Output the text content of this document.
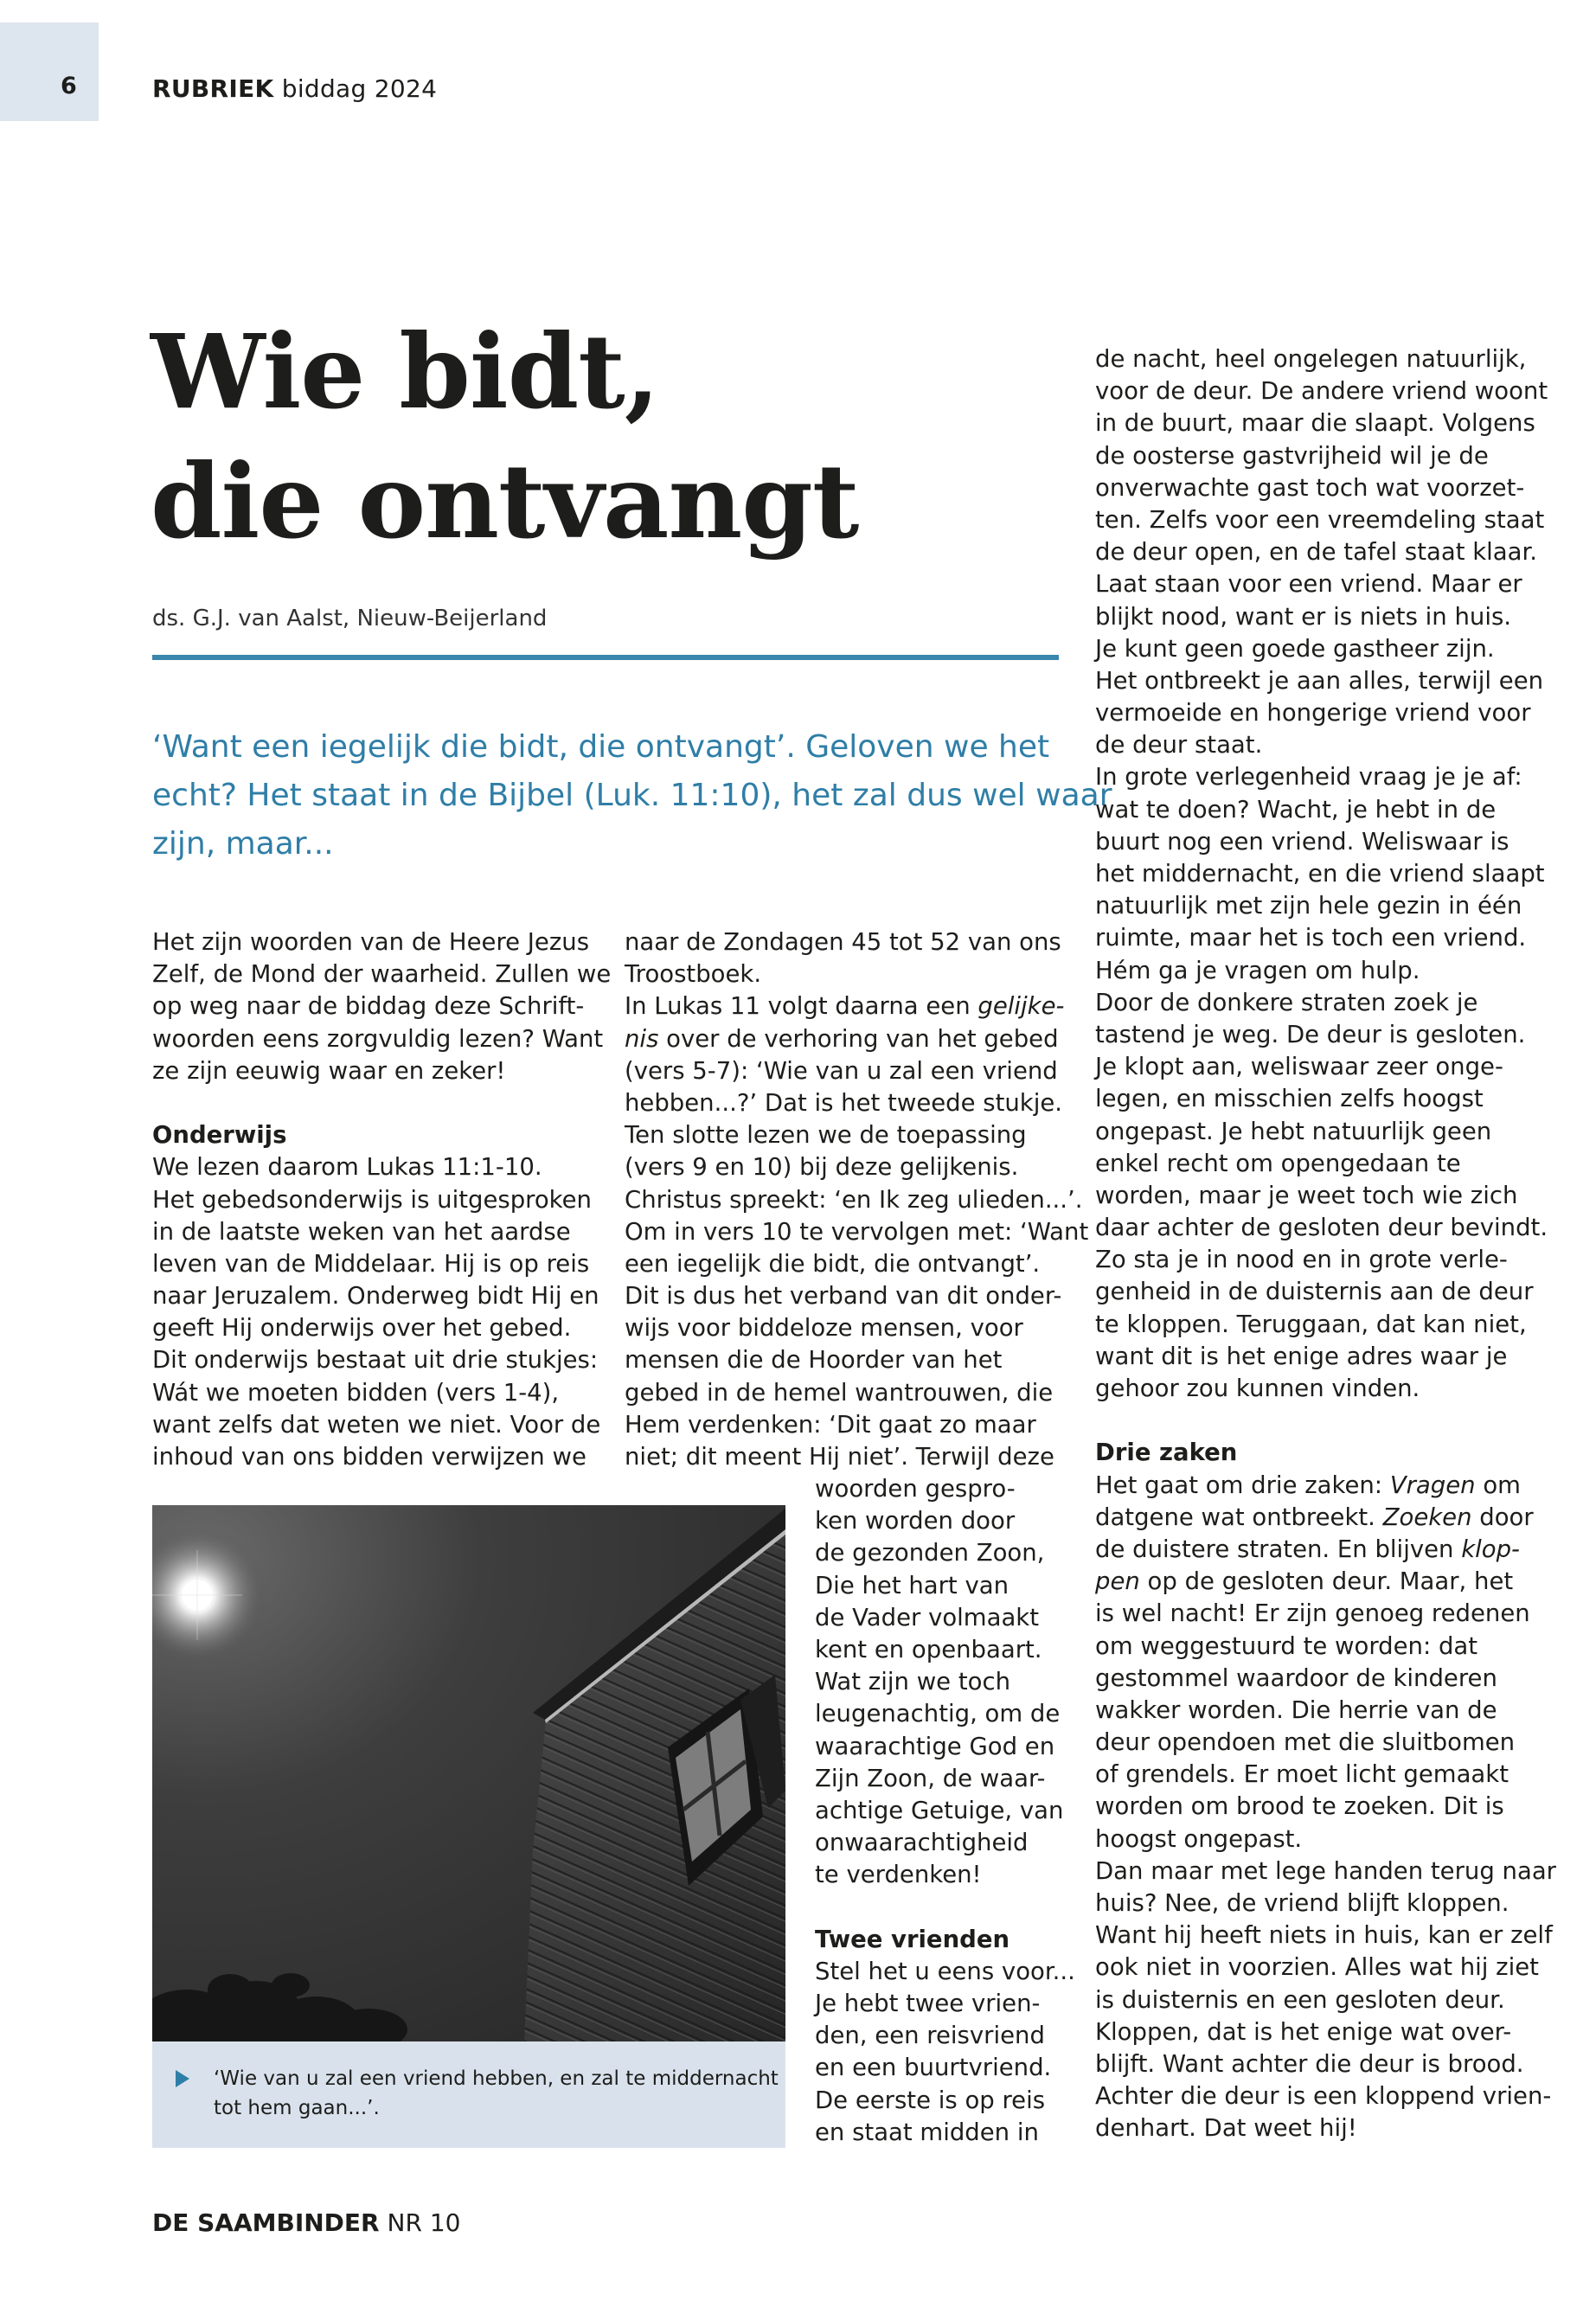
6	RUBRIEK biddag 2024
Wie bidt,
die ontvangt
ds. G.J. van Aalst, Nieuw-Beijerland

‘Want een iegelijk die bidt, die ontvangt’. Geloven we het
echt? Het staat in de Bijbel (Luk. 11:10), het zal dus wel waar
zijn, maar...

Het zijn woorden van de Heere Jezus
Zelf, de Mond der waarheid. Zullen we
op weg naar de biddag deze Schrift-
woorden eens zorgvuldig lezen? Want
ze zijn eeuwig waar en zeker!
Onderwijs
We lezen daarom Lukas 11:1-10.
Het gebedsonderwijs is uitgesproken
in de laatste weken van het aardse
leven van de Middelaar. Hij is op reis
naar Jeruzalem. Onderweg bidt Hij en
geeft Hij onderwijs over het gebed.
Dit onderwijs bestaat uit drie stukjes:
Wát we moeten bidden (vers 1-4),
want zelfs dat weten we niet. Voor de
inhoud van ons bidden verwijzen we
naar de Zondagen 45 tot 52 van ons
Troostboek.
In Lukas 11 volgt daarna een gelijke-
nis over de verhoring van het gebed
(vers 5-7): ‘Wie van u zal een vriend
hebben...?’ Dat is het tweede stukje.
Ten slotte lezen we de toepassing
(vers 9 en 10) bij deze gelijkenis.
Christus spreekt: ‘en Ik zeg ulieden...’.
Om in vers 10 te vervolgen met: ‘Want
een iegelijk die bidt, die ontvangt’.
Dit is dus het verband van dit onder-
wijs voor biddeloze mensen, voor
mensen die de Hoorder van het
gebed in de hemel wantrouwen, die
Hem verdenken: ‘Dit gaat zo maar
niet; dit meent Hij niet’. Terwijl deze
woorden gespro-
ken worden door
de gezonden Zoon,
Die het hart van
de Vader volmaakt
kent en openbaart.
Wat zijn we toch
leugenachtig, om de
waarachtige God en
Zijn Zoon, de waar-
achtige Getuige, van
onwaarachtigheid
te verdenken!
Twee vrienden
Stel het u eens voor...
Je hebt twee vrien-
den, een reisvriend
en een buurtvriend.
De eerste is op reis
en staat midden in
de nacht, heel ongelegen natuurlijk,
voor de deur. De andere vriend woont
in de buurt, maar die slaapt. Volgens
de oosterse gastvrijheid wil je de
onverwachte gast toch wat voorzet-
ten. Zelfs voor een vreemdeling staat
de deur open, en de tafel staat klaar.
Laat staan voor een vriend. Maar er
blijkt nood, want er is niets in huis.
Je kunt geen goede gastheer zijn.
Het ontbreekt je aan alles, terwijl een
vermoeide en hongerige vriend voor
de deur staat.
In grote verlegenheid vraag je je af:
wat te doen? Wacht, je hebt in de
buurt nog een vriend. Weliswaar is
het middernacht, en die vriend slaapt
natuurlijk met zijn hele gezin in één
ruimte, maar het is toch een vriend.
Hém ga je vragen om hulp.
Door de donkere straten zoek je
tastend je weg. De deur is gesloten.
Je klopt aan, weliswaar zeer onge-
legen, en misschien zelfs hoogst
ongepast. Je hebt natuurlijk geen
enkel recht om opengedaan te
worden, maar je weet toch wie zich
daar achter de gesloten deur bevindt.
Zo sta je in nood en in grote verle-
genheid in de duisternis aan de deur
te kloppen. Teruggaan, dat kan niet,
want dit is het enige adres waar je
gehoor zou kunnen vinden.
Drie zaken
Het gaat om drie zaken: Vragen om
datgene wat ontbreekt. Zoeken door
de duistere straten. En blijven klop-
pen op de gesloten deur. Maar, het
is wel nacht! Er zijn genoeg redenen
om weggestuurd te worden: dat
gestommel waardoor de kinderen
wakker worden. Die herrie van de
deur opendoen met die sluitbomen
of grendels. Er moet licht gemaakt
worden om brood te zoeken. Dit is
hoogst ongepast.
Dan maar met lege handen terug naar
huis? Nee, de vriend blijft kloppen.
Want hij heeft niets in huis, kan er zelf
ook niet in voorzien. Alles wat hij ziet
is duisternis en een gesloten deur.
Kloppen, dat is het enige wat over-
blijft. Want achter die deur is brood.
Achter die deur is een kloppend vrien-
denhart. Dat weet hij!
‘Wie van u zal een vriend hebben, en zal te middernacht
tot hem gaan...’.
DE SAAMBINDER NR 10
